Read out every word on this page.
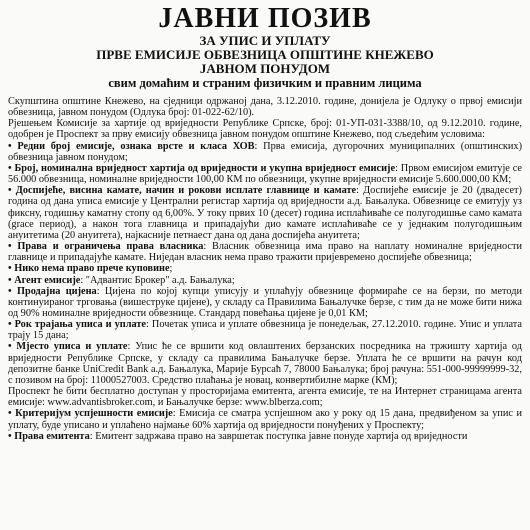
ЈАВНИ ПОЗИВ

ЗА УПИС И УПЛАТУ

ПРВЕ ЕМИСИЈЕ ОБВЕЗНИЦА ОПШТИНЕ КНЕЖЕВО

ЈАВНОМ ПОНУДОМ

свим домаћим и страним физичким и правним лицима

Скупштина општине Кнежево, на сједници одржаној дана, 3.12.2010. године, донијела је Одлуку о првој емисији обвезница, јавном понудом (Одлука број: 01-022-62/10).

Рјешењем Комисије за хартије од вриједности Републике Српске, број: 01-УП-031-3388/10, од 9.12.2010. године, одобрен је Проспект за прву емисију обвезница јавном понудом општине Кнежево, под сљедећим условима:

• Редни број емисије, ознака врсте и класа ХОВ: Прва емисија, дугорочних муниципалних (општинских) обвезница јавном понудом;

• Број, номинална вриједност хартија од вриједности и укупна вриједност емисије: Првом емисијом емитује се 56.000 обвезница, номиналне вриједности 100,00 КМ по обвезници, укупне вриједности емисије 5.600.000,00 КМ;

• Доспијеће, висина камате, начин и рокови исплате главнице и камате: Доспијеће емисије је 20 (двадесет) година од дана уписа емисије у Централни регистар хартија од вриједности а.д. Бањалука. Обвезнице се емитују уз фиксну, годишњу каматну стопу од 6,00%. У току првих 10 (десет) година исплаћиваће се полугодишње само камата (grace период), а након тога главница и припадајући дио камате исплаћиваће се у једнаким полугодишњим ануитетима (20 ануитета), најкасније петнаест дана од дана доспијећа ануитета;

• Права и ограничења права власника: Власник обвезница има право на наплату номиналне вриједности главнице и припадајуће камате. Ниједан власник нема право тражити пријевремено доспијеће обвезница;

• Нико нема право прече куповине;

• Агент емисије: "Адвантис Брокер" а.д. Бањалука;

• Продајна цијена: Цијена по којој купци уписују и уплаћују обвезнице формираће се на берзи, по методи континуираног трговања (вишеструке цијене), у складу са Правилима Бањалучке берзе, с тим да не може бити нижа од 90% номиналне вриједности обвезнице. Стандард повећања цијене је 0,01 КМ;

• Рок трајања уписа и уплате: Почетак уписа и уплате обвезница је понедељак, 27.12.2010. године. Упис и уплата трају 15 дана;

• Мјесто уписа и уплате: Упис ће се вршити код овлаштених берзанских посредника на тржишту хартија од вриједности Републике Српске, у складу са правилима Бањалучке берзе. Уплата ће се вршити на рачун код депозитне банке UniCredit Bank а.д. Бањалука, Марије Бурсаћ 7, 78000 Бањалука; број рачуна: 551-000-99999999-32, с позивом на број: 11000527003. Средство плаћања је новац, конвертибилне марке (КМ);

Проспект ће бити бесплатно доступан у просторијама емитента, агента емисије, те на Интернет страницама агента емисије: www.advantisbroker.com, и Бањалучке берзе: www.blberza.com;

• Критеријум успјешности емисије: Емисија се сматра успјешном ако у року од 15 дана, предвиђеном за упис и уплату, буде уписано и уплаћено најмање 60% хартија од вриједности понуђених у Проспекту;

• Права емитента: Емитент задржава право на завршетак поступка јавне понуде хартија од вриједности
